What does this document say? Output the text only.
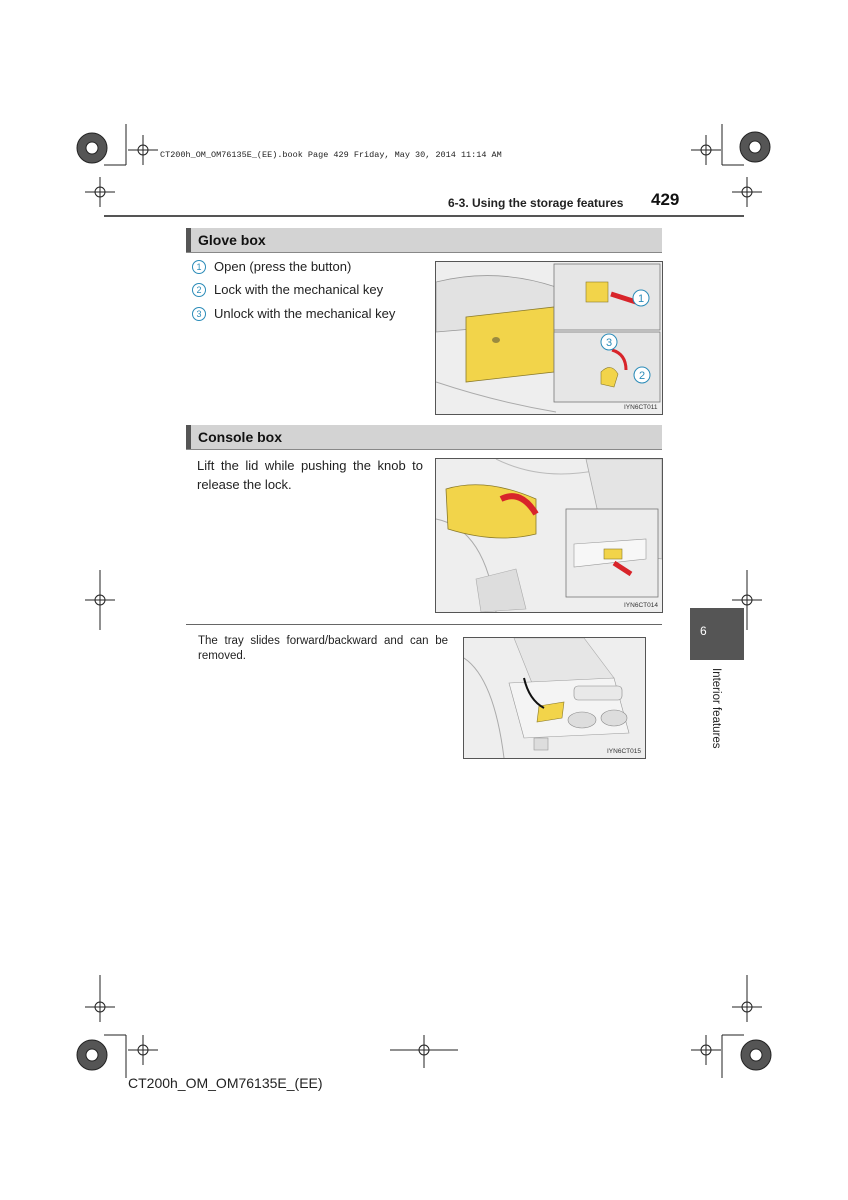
CT200h_OM_OM76135E_(EE).book Page 429 Friday, May 30, 2014 11:14 AM
6-3. Using the storage features 429
Glove box
1 Open (press the button)
2 Lock with the mechanical key
3 Unlock with the mechanical key
1
3
2
IYN6CT011
Console box
Lift the lid while pushing the knob to release the lock.
IYN6CT014
The tray slides forward/backward and can be removed.
IYN6CT015
6
Interior features
CT200h_OM_OM76135E_(EE)
